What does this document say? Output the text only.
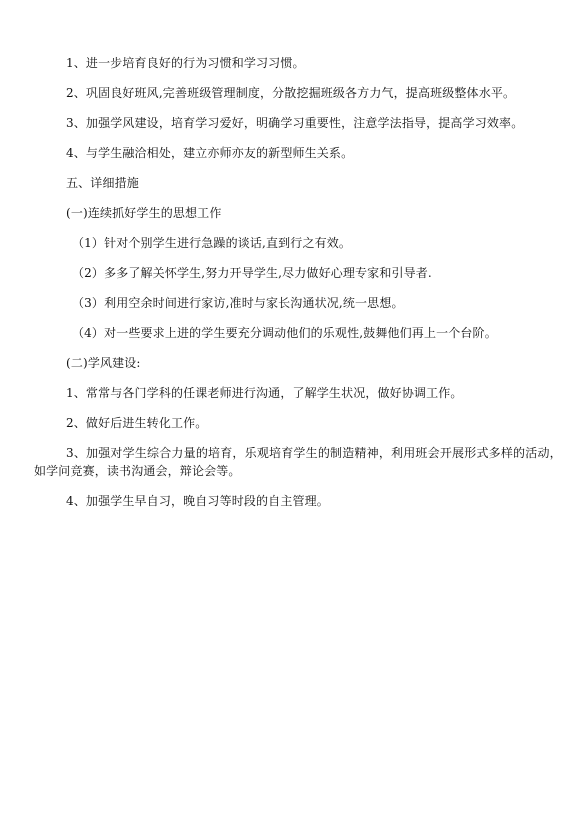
1、进一步培育良好的行为习惯和学习习惯。

2、巩固良好班风,完善班级管理制度，分散挖掘班级各方力气，提高班级整体水平。

3、加强学风建设，培育学习爱好，明确学习重要性，注意学法指导，提高学习效率。

4、与学生融洽相处，建立亦师亦友的新型师生关系。

五、详细措施

(一)连续抓好学生的思想工作

（1）针对个别学生进行急躁的谈话,直到行之有效。

（2）多多了解关怀学生,努力开导学生,尽力做好心理专家和引导者.

（3）利用空余时间进行家访,准时与家长沟通状况,统一思想。

（4）对一些要求上进的学生要充分调动他们的乐观性,鼓舞他们再上一个台阶。

(二)学风建设:

1、常常与各门学科的任课老师进行沟通，了解学生状况，做好协调工作。

2、做好后进生转化工作。

3、加强对学生综合力量的培育，乐观培育学生的制造精神，利用班会开展形式多样的活动，

如学问竞赛，读书沟通会，辩论会等。

4、加强学生早自习，晚自习等时段的自主管理。
